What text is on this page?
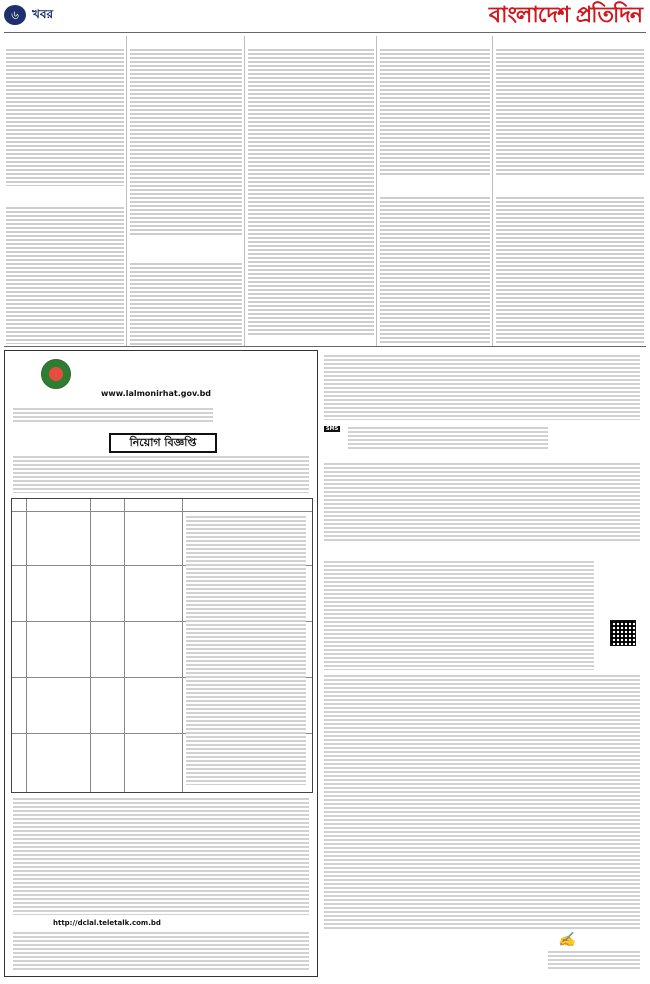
৬	খবর	বাংলাদেশ প্রতিদিন
www.lalmonirhat.gov.bd
নিয়োগ বিজ্ঞপ্তি
http://dclal.teletalk.com.bd
SMS
✍
